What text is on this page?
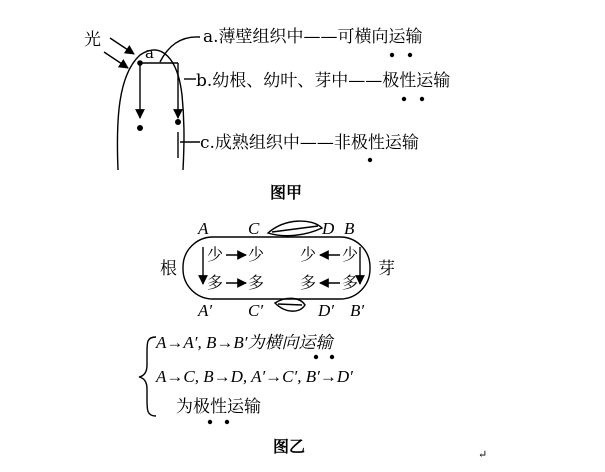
光
a
a.薄壁组织中——可横向运输
b.幼根、幼叶、芽中——极性运输
c.成熟组织中——非极性运输
图甲
A C	D B
A′ C′	D′ B′
根	芽
少 少
多 多
少 少
多 多
A→A′, B→B′为横向运输
A→C, B→D, A′→C′, B′→D′
为极性运输
图乙	↵
